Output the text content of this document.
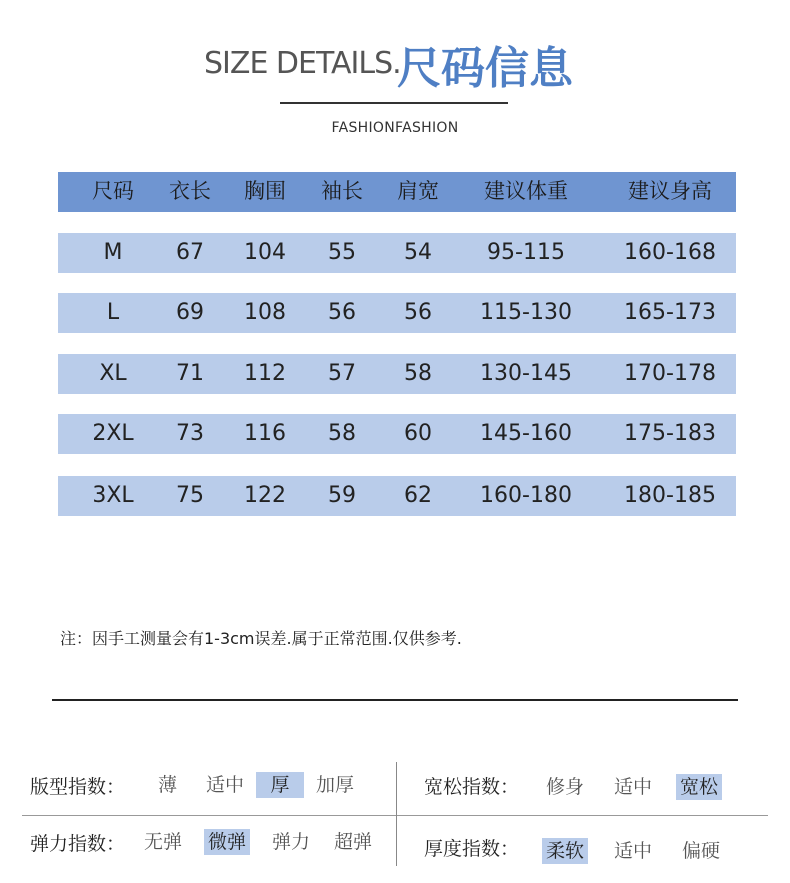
SIZE DETAILS.
尺码信息
FASHIONFASHION
尺码	衣长	胸围	袖长	肩宽	建议体重	建议身高
M	67	104	55	54	95-115	160-168
L	69	108	56	56	115-130	165-173
XL	71	112	57	58	130-145	170-178
2XL	73	116	58	60	145-160	175-183
3XL	75	122	59	62	160-180	180-185
注：因手工测量会有1-3cm误差.属于正常范围.仅供参考.
版型指数： 薄 适中	厚	加厚	宽松指数： 修身 适中 宽松
弹力指数： 无弹 微弹 弹力 超弹	厚度指数： 柔软 适中 偏硬
